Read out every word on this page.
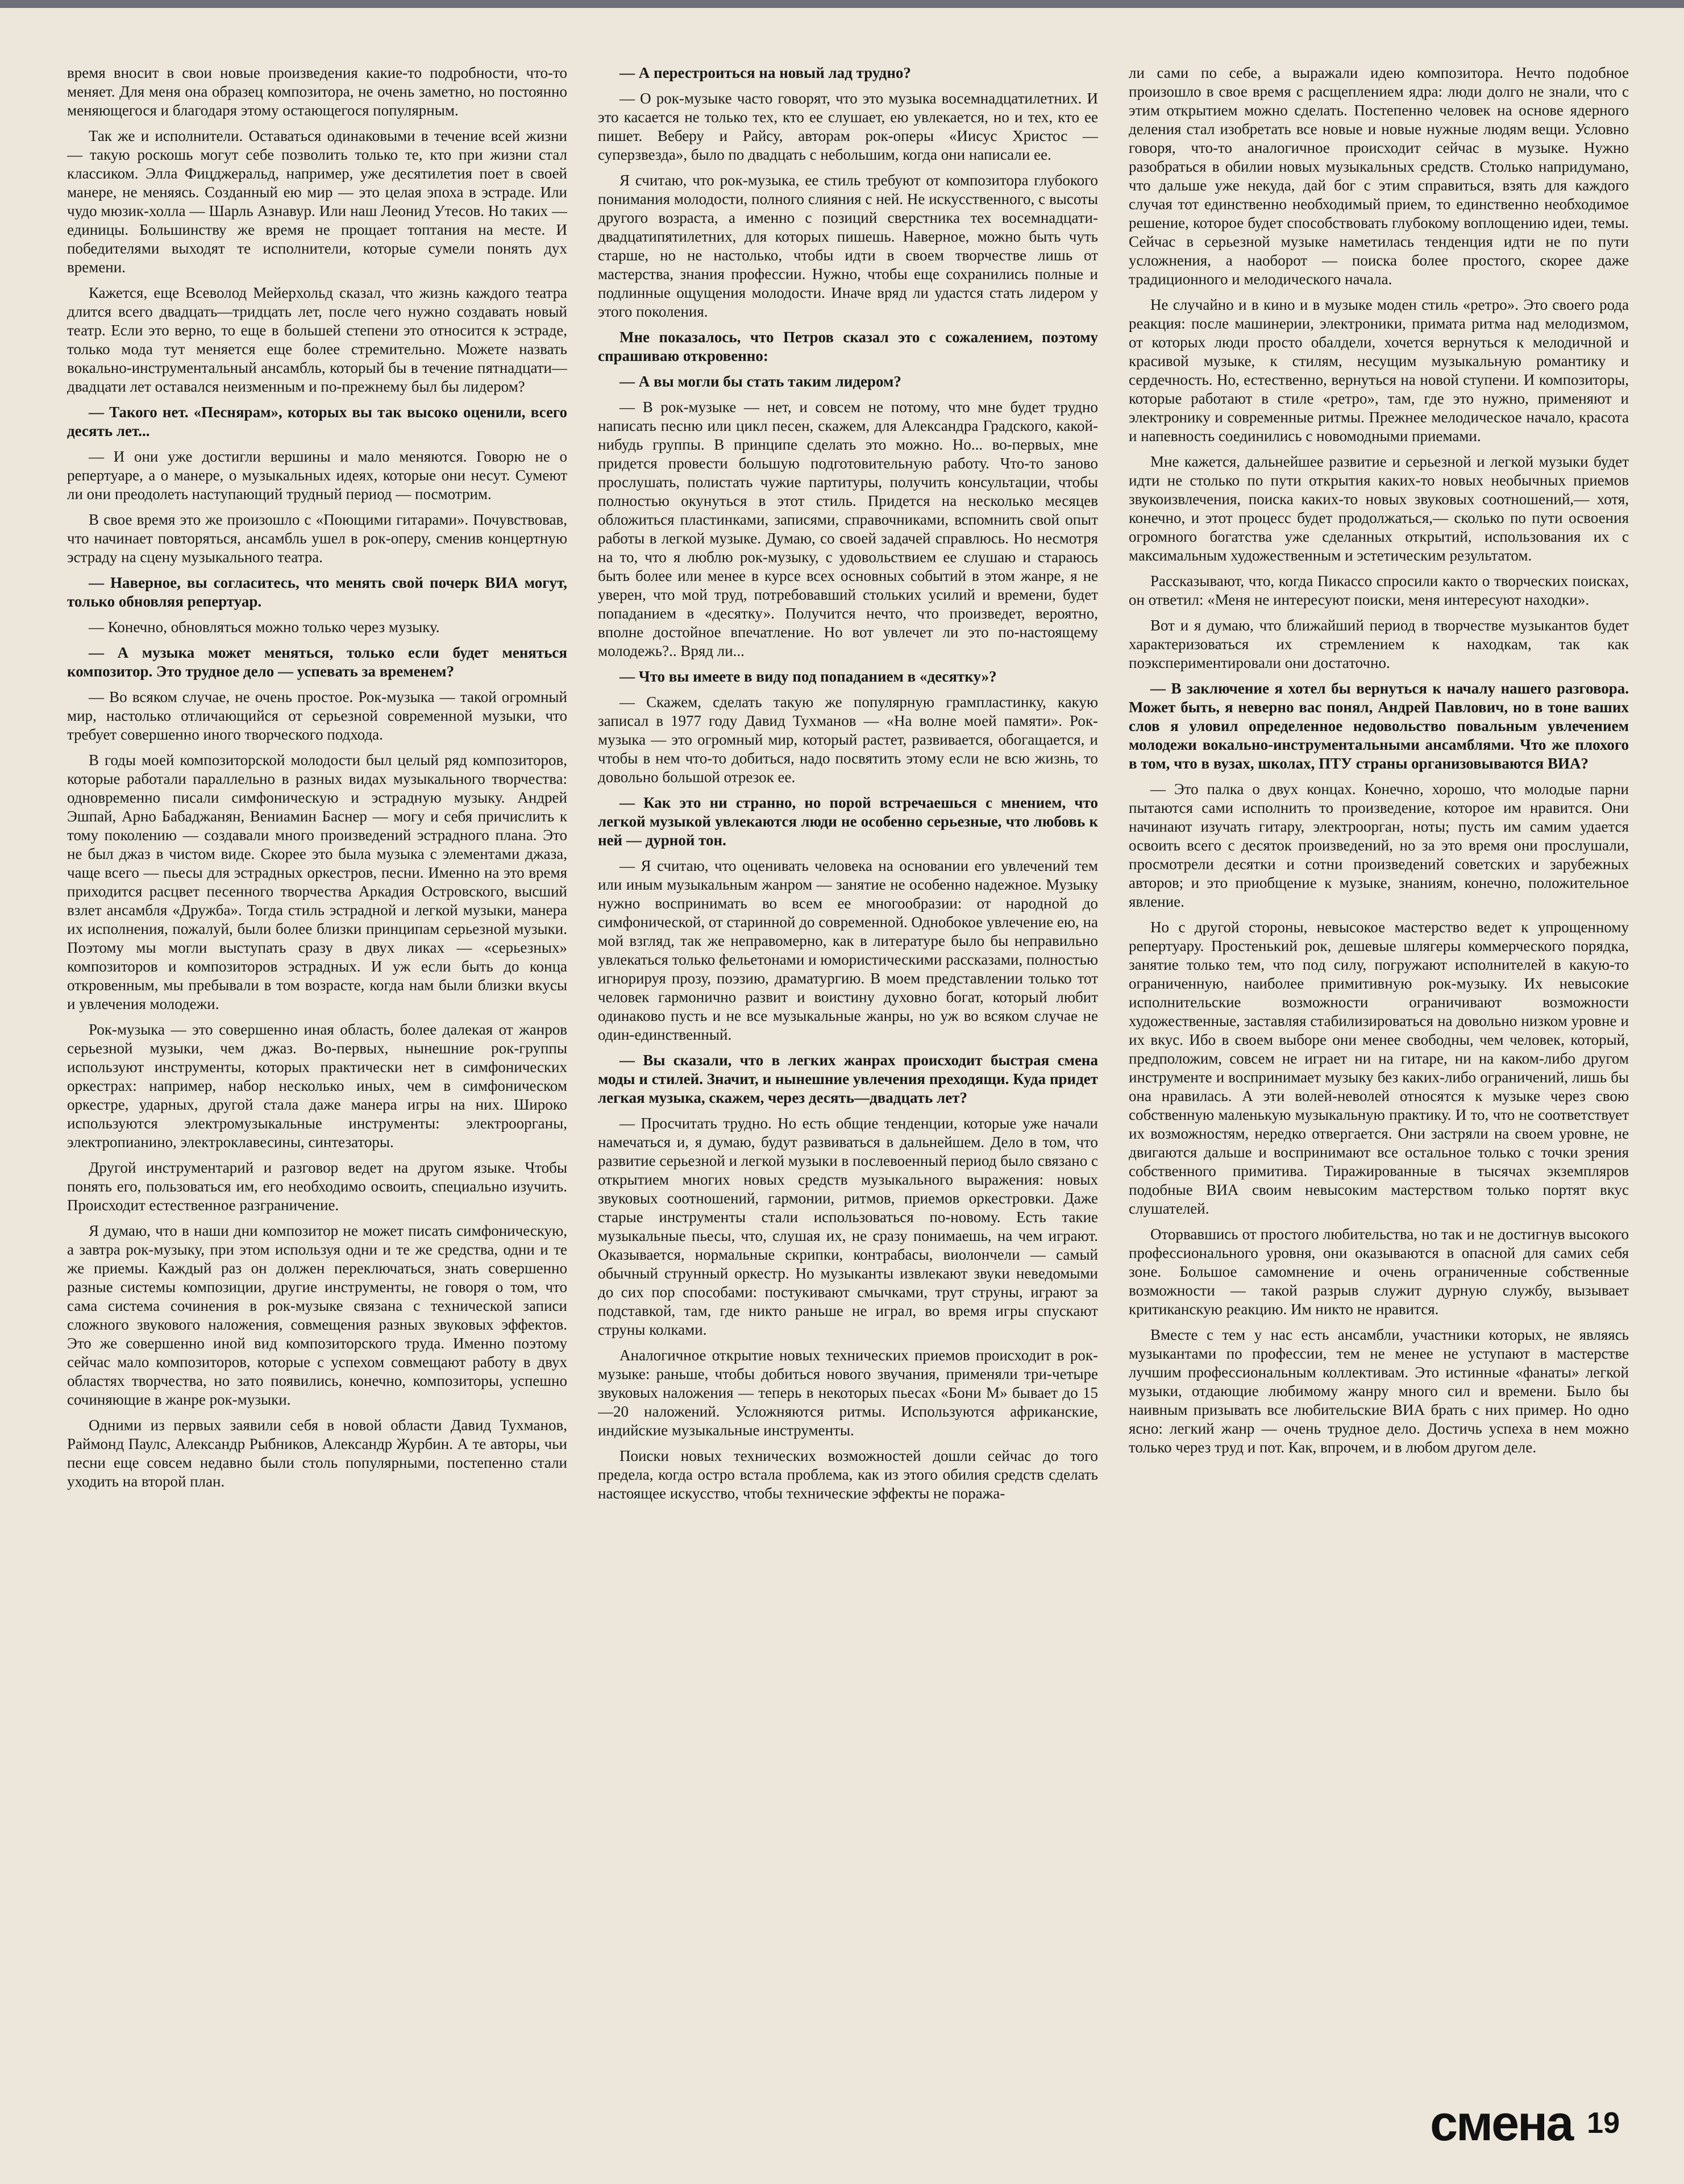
время вносит в свои новые произведения какие-то подробности, что-то меняет. Для меня она образец композитора, не очень заметно, но постоянно меняющегося и благодаря этому остающегося популярным.

Так же и исполнители. Оставаться одинаковыми в течение всей жизни — такую роскошь могут себе позволить только те, кто при жизни стал классиком. Элла Фицджеральд, например, уже десятилетия поет в своей манере, не меняясь. Созданный ею мир — это целая эпоха в эстраде. Или чудо мюзик-холла — Шарль Азнавур. Или наш Леонид Утесов. Но таких — единицы. Большинству же время не прощает топтания на месте. И победителями выходят те исполнители, которые сумели понять дух времени.

Кажется, еще Всеволод Мейерхольд сказал, что жизнь каждого театра длится всего двадцать—тридцать лет, после чего нужно создавать новый театр. Если это верно, то еще в большей степени это относится к эстраде, только мода тут меняется еще более стремительно. Можете назвать вокально-инструментальный ансамбль, который бы в течение пятнадцати—двадцати лет оставался неизменным и по-прежнему был бы лидером?

— Такого нет. «Песнярам», которых вы так высоко оценили, всего десять лет...

— И они уже достигли вершины и мало меняются. Говорю не о репертуаре, а о манере, о музыкальных идеях, которые они несут. Сумеют ли они преодолеть наступающий трудный период — посмотрим.

В свое время это же произошло с «Поющими гитарами». Почувствовав, что начинает повторяться, ансамбль ушел в рок-оперу, сменив концертную эстраду на сцену музыкального театра.

— Наверное, вы согласитесь, что менять свой почерк ВИА могут, только обновляя репертуар.

— Конечно, обновляться можно только через музыку.

— А музыка может меняться, только если будет меняться композитор. Это трудное дело — успевать за временем?

— Во всяком случае, не очень простое. Рок-музыка — такой огромный мир, настолько отличающийся от серьезной современной музыки, что требует совершенно иного творческого подхода.

В годы моей композиторской молодости был целый ряд композиторов, которые работали параллельно в разных видах музыкального творчества: одновременно писали симфоническую и эстрадную музыку. Андрей Эшпай, Арно Бабаджанян, Вениамин Баснер — могу и себя причислить к тому поколению — создавали много произведений эстрадного плана. Это не был джаз в чистом виде. Скорее это была музыка с элементами джаза, чаще всего — пьесы для эстрадных оркестров, песни. Именно на это время приходится расцвет песенного творчества Аркадия Островского, высший взлет ансамбля «Дружба». Тогда стиль эстрадной и легкой музыки, манера их исполнения, пожалуй, были более близки принципам серьезной музыки. Поэтому мы могли выступать сразу в двух ликах — «серьезных» композиторов и композиторов эстрадных. И уж если быть до конца откровенным, мы пребывали в том возрасте, когда нам были близки вкусы и увлечения молодежи.

Рок-музыка — это совершенно иная область, более далекая от жанров серьезной музыки, чем джаз. Во-первых, нынешние рок-группы используют инструменты, которых практически нет в симфонических оркестрах: например, набор несколько иных, чем в симфоническом оркестре, ударных, другой стала даже манера игры на них. Широко используются электромузыкальные инструменты: электроорганы, электропианино, электроклавесины, синтезаторы.

Другой инструментарий и разговор ведет на другом языке. Чтобы понять его, пользоваться им, его необходимо освоить, специально изучить. Происходит естественное разграничение.

Я думаю, что в наши дни композитор не может писать симфоническую, а завтра рок-музыку, при этом используя одни и те же средства, одни и те же приемы. Каждый раз он должен переключаться, знать совершенно разные системы композиции, другие инструменты, не говоря о том, что сама система сочинения в рок-музыке связана с технической записи сложного звукового наложения, совмещения разных звуковых эффектов. Это же совершенно иной вид композиторского труда. Именно поэтому сейчас мало композиторов, которые с успехом совмещают работу в двух областях творчества, но зато появились, конечно, композиторы, успешно сочиняющие в жанре рок-музыки.

Одними из первых заявили себя в новой области Давид Тухманов, Раймонд Паулс, Александр Рыбников, Александр Журбин. А те авторы, чьи песни еще совсем недавно были столь популярными, постепенно стали уходить на второй план.

— А перестроиться на новый лад трудно?

— О рок-музыке часто говорят, что это музыка восемнадцатилетних. И это касается не только тех, кто ее слушает, ею увлекается, но и тех, кто ее пишет. Веберу и Райсу, авторам рок-оперы «Иисус Христос — суперзвезда», было по двадцать с небольшим, когда они написали ее.

Я считаю, что рок-музыка, ее стиль требуют от композитора глубокого понимания молодости, полного слияния с ней. Не искусственного, с высоты другого возраста, а именно с позиций сверстника тех восемнадцати-двадцатипятилетних, для которых пишешь. Наверное, можно быть чуть старше, но не настолько, чтобы идти в своем творчестве лишь от мастерства, знания профессии. Нужно, чтобы еще сохранились полные и подлинные ощущения молодости. Иначе вряд ли удастся стать лидером у этого поколения.

Мне показалось, что Петров сказал это с сожалением, поэтому спрашиваю откровенно:

— А вы могли бы стать таким лидером?

— В рок-музыке — нет, и совсем не потому, что мне будет трудно написать песню или цикл песен, скажем, для Александра Градского, какой-нибудь группы. В принципе сделать это можно. Но... во-первых, мне придется провести большую подготовительную работу. Что-то заново прослушать, полистать чужие партитуры, получить консультации, чтобы полностью окунуться в этот стиль. Придется на несколько месяцев обложиться пластинками, записями, справочниками, вспомнить свой опыт работы в легкой музыке. Думаю, со своей задачей справлюсь. Но несмотря на то, что я люблю рок-музыку, с удовольствием ее слушаю и стараюсь быть более или менее в курсе всех основных событий в этом жанре, я не уверен, что мой труд, потребовавший стольких усилий и времени, будет попаданием в «десятку». Получится нечто, что произведет, вероятно, вполне достойное впечатление. Но вот увлечет ли это по-настоящему молодежь?.. Вряд ли...

— Что вы имеете в виду под попаданием в «десятку»?

— Скажем, сделать такую же популярную грампластинку, какую записал в 1977 году Давид Тухманов — «На волне моей памяти». Рок-музыка — это огромный мир, который растет, развивается, обогащается, и чтобы в нем что-то добиться, надо посвятить этому если не всю жизнь, то довольно большой отрезок ее.

— Как это ни странно, но порой встречаешься с мнением, что легкой музыкой увлекаются люди не особенно серьезные, что любовь к ней — дурной тон.

— Я считаю, что оценивать человека на основании его увлечений тем или иным музыкальным жанром — занятие не особенно надежное. Музыку нужно воспринимать во всем ее многообразии: от народной до симфонической, от старинной до современной. Однобокое увлечение ею, на мой взгляд, так же неправомерно, как в литературе было бы неправильно увлекаться только фельетонами и юмористическими рассказами, полностью игнорируя прозу, поэзию, драматургию. В моем представлении только тот человек гармонично развит и воистину духовно богат, который любит одинаково пусть и не все музыкальные жанры, но уж во всяком случае не один-единственный.

— Вы сказали, что в легких жанрах происходит быстрая смена моды и стилей. Значит, и нынешние увлечения преходящи. Куда придет легкая музыка, скажем, через десять—двадцать лет?

— Просчитать трудно. Но есть общие тенденции, которые уже начали намечаться и, я думаю, будут развиваться в дальнейшем. Дело в том, что развитие серьезной и легкой музыки в послевоенный период было связано с открытием многих новых средств музыкального выражения: новых звуковых соотношений, гармонии, ритмов, приемов оркестровки. Даже старые инструменты стали использоваться по-новому. Есть такие музыкальные пьесы, что, слушая их, не сразу понимаешь, на чем играют. Оказывается, нормальные скрипки, контрабасы, виолончели — самый обычный струнный оркестр. Но музыканты извлекают звуки неведомыми до сих пор способами: постукивают смычками, трут струны, играют за подставкой, там, где никто раньше не играл, во время игры спускают струны колками.

Аналогичное открытие новых технических приемов происходит в рок-музыке: раньше, чтобы добиться нового звучания, применяли три-четыре звуковых наложения — теперь в некоторых пьесах «Бони М» бывает до 15—20 наложений. Усложняются ритмы. Используются африканские, индийские музыкальные инструменты.

Поиски новых технических возможностей дошли сейчас до того предела, когда остро встала проблема, как из этого обилия средств сделать настоящее искусство, чтобы технические эффекты не поража-

ли сами по себе, а выражали идею композитора. Нечто подобное произошло в свое время с расщеплением ядра: люди долго не знали, что с этим открытием можно сделать. Постепенно человек на основе ядерного деления стал изобретать все новые и новые нужные людям вещи. Условно говоря, что-то аналогичное происходит сейчас в музыке. Нужно разобраться в обилии новых музыкальных средств. Столько напридумано, что дальше уже некуда, дай бог с этим справиться, взять для каждого случая тот единственно необходимый прием, то единственно необходимое решение, которое будет способствовать глубокому воплощению идеи, темы. Сейчас в серьезной музыке наметилась тенденция идти не по пути усложнения, а наоборот — поиска более простого, скорее даже традиционного и мелодического начала.

Не случайно и в кино и в музыке моден стиль «ретро». Это своего рода реакция: после машинерии, электроники, примата ритма над мелодизмом, от которых люди просто обалдели, хочется вернуться к мелодичной и красивой музыке, к стилям, несущим музыкальную романтику и сердечность. Но, естественно, вернуться на новой ступени. И композиторы, которые работают в стиле «ретро», там, где это нужно, применяют и электронику и современные ритмы. Прежнее мелодическое начало, красота и напевность соединились с новомодными приемами.

Мне кажется, дальнейшее развитие и серьезной и легкой музыки будет идти не столько по пути открытия каких-то новых необычных приемов звукоизвлечения, поиска каких-то новых звуковых соотношений,— хотя, конечно, и этот процесс будет продолжаться,— сколько по пути освоения огромного богатства уже сделанных открытий, использования их с максимальным художественным и эстетическим результатом.

Рассказывают, что, когда Пикассо спросили както о творческих поисках, он ответил: «Меня не интересуют поиски, меня интересуют находки».

Вот и я думаю, что ближайший период в творчестве музыкантов будет характеризоваться их стремлением к находкам, так как поэкспериментировали они достаточно.

— В заключение я хотел бы вернуться к началу нашего разговора. Может быть, я неверно вас понял, Андрей Павлович, но в тоне ваших слов я уловил определенное недовольство повальным увлечением молодежи вокально-инструментальными ансамблями. Что же плохого в том, что в вузах, школах, ПТУ страны организовываются ВИА?

— Это палка о двух концах. Конечно, хорошо, что молодые парни пытаются сами исполнить то произведение, которое им нравится. Они начинают изучать гитару, электроорган, ноты; пусть им самим удается освоить всего с десяток произведений, но за это время они прослушали, просмотрели десятки и сотни произведений советских и зарубежных авторов; и это приобщение к музыке, знаниям, конечно, положительное явление.

Но с другой стороны, невысокое мастерство ведет к упрощенному репертуару. Простенький рок, дешевые шлягеры коммерческого порядка, занятие только тем, что под силу, погружают исполнителей в какую-то ограниченную, наиболее примитивную рок-музыку. Их невысокие исполнительские возможности ограничивают возможности художественные, заставляя стабилизироваться на довольно низком уровне и их вкус. Ибо в своем выборе они менее свободны, чем человек, который, предположим, совсем не играет ни на гитаре, ни на каком-либо другом инструменте и воспринимает музыку без каких-либо ограничений, лишь бы она нравилась. А эти волей-неволей относятся к музыке через свою собственную маленькую музыкальную практику. И то, что не соответствует их возможностям, нередко отвергается. Они застряли на своем уровне, не двигаются дальше и воспринимают все остальное только с точки зрения собственного примитива. Тиражированные в тысячах экземпляров подобные ВИА своим невысоким мастерством только портят вкус слушателей.

Оторвавшись от простого любительства, но так и не достигнув высокого профессионального уровня, они оказываются в опасной для самих себя зоне. Большое самомнение и очень ограниченные собственные возможности — такой разрыв служит дурную службу, вызывает критиканскую реакцию. Им никто не нравится.

Вместе с тем у нас есть ансамбли, участники которых, не являясь музыкантами по профессии, тем не менее не уступают в мастерстве лучшим профессиональным коллективам. Это истинные «фанаты» легкой музыки, отдающие любимому жанру много сил и времени. Было бы наивным призывать все любительские ВИА брать с них пример. Но одно ясно: легкий жанр — очень трудное дело. Достичь успеха в нем можно только через труд и пот. Как, впрочем, и в любом другом деле.

смена 19
